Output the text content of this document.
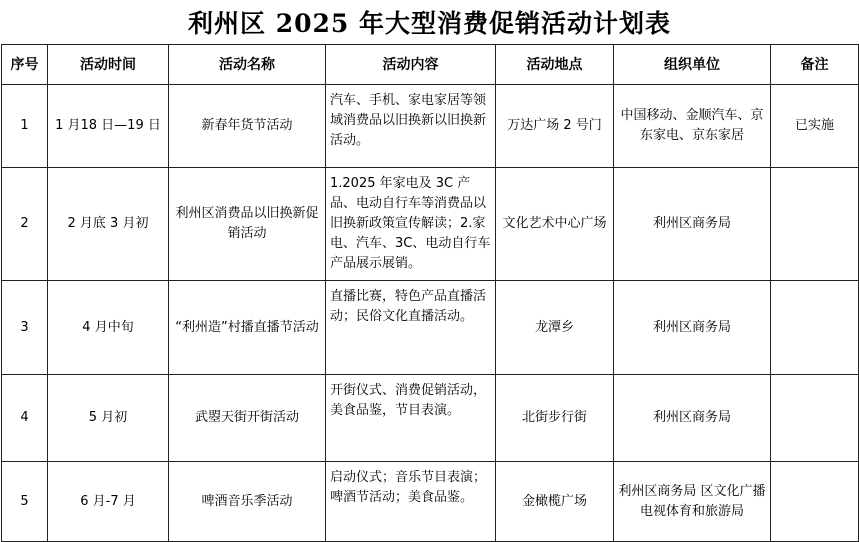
利州区 2025 年大型消费促销活动计划表
序号	活动时间	活动名称	活动内容	活动地点	组织单位	备注
1	1 月18 日—19 日	新春年货节活动	汽车、手机、家电家居等领域消费品以旧换新以旧换新活动。	万达广场 2 号门	中国移动、金顺汽车、京东家电、京东家居	已实施
2	2 月底 3 月初	利州区消费品以旧换新促销活动	1.2025 年家电及 3C 产品、电动自行车等消费品以旧换新政策宣传解读；2.家电、汽车、3C、电动自行车产品展示展销。	文化艺术中心广场	利州区商务局	
3	4 月中旬	“利州造”村播直播节活动	直播比赛，特色产品直播活动；民俗文化直播活动。	龙潭乡	利州区商务局	
4	5 月初	武曌天街开街活动	开街仪式、消费促销活动，美食品鉴，节目表演。	北街步行街	利州区商务局	
5	6 月-7 月	啤酒音乐季活动	启动仪式；音乐节目表演；啤酒节活动；美食品鉴。	金橄榄广场	利州区商务局 区文化广播电视体育和旅游局	
